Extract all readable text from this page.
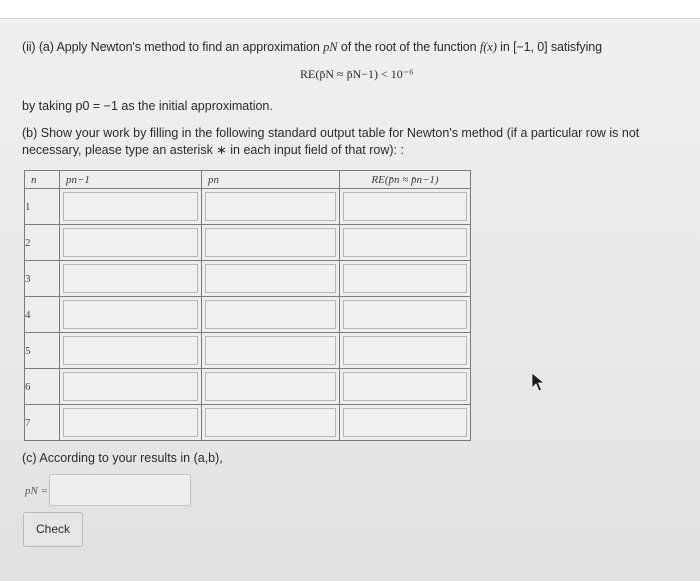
(ii) (a) Apply Newton's method to find an approximation pN of the root of the function f(x) in [−1, 0] satisfying
RE(p̄N ≈ p̄N−1) < 10⁻⁶
by taking p0 = −1 as the initial approximation.
(b) Show your work by filling in the following standard output table for Newton's method (if a particular row is not necessary, please type an asterisk ∗ in each input field of that row): :
n	pn−1	pn	RE(p̄n ≈ p̄n−1)
1	

2	

3	

4	

5	

6	

7	

(c) According to your results in (a,b),
pN =
Check
